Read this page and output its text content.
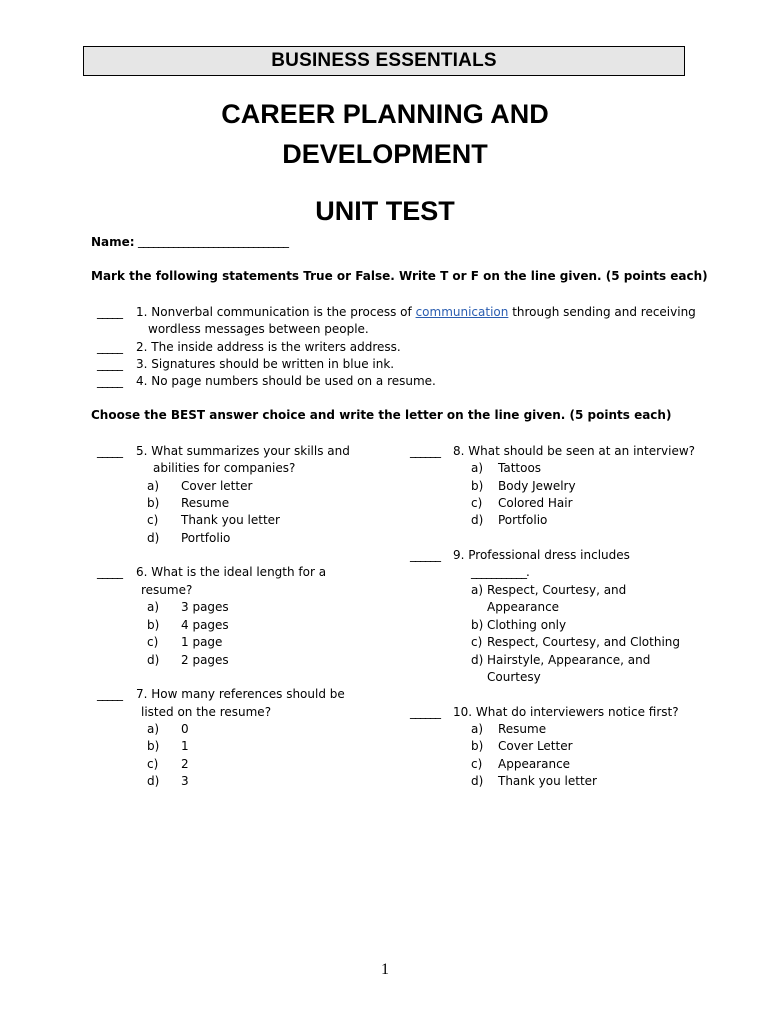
BUSINESS ESSENTIALS
CAREER PLANNING AND
DEVELOPMENT
UNIT TEST
Name: ______________________________
Mark the following statements True or False. Write T or F on the line given. (5 points each)
_____ 1. Nonverbal communication is the process of communication through sending and receiving
wordless messages between people.
_____ 2. The inside address is the writers address.
_____ 3. Signatures should be written in blue ink.
_____ 4. No page numbers should be used on a resume.
Choose the BEST answer choice and write the letter on the line given. (5 points each)
_____ 5. What summarizes your skills and
abilities for companies?
a) Cover letter
b) Resume
c) Thank you letter
d) Portfolio
_____ 6. What is the ideal length for a
resume?
a) 3 pages
b) 4 pages
c) 1 page
d) 2 pages
_____ 7. How many references should be
listed on the resume?
a) 0
b) 1
c) 2
d) 3
______ 8. What should be seen at an interview?
a) Tattoos
b) Body Jewelry
c) Colored Hair
d) Portfolio
______ 9. Professional dress includes
___________.
a) Respect, Courtesy, and
Appearance
b) Clothing only
c) Respect, Courtesy, and Clothing
d) Hairstyle, Appearance, and
Courtesy
______ 10. What do interviewers notice first?
a) Resume
b) Cover Letter
c) Appearance
d) Thank you letter
1
